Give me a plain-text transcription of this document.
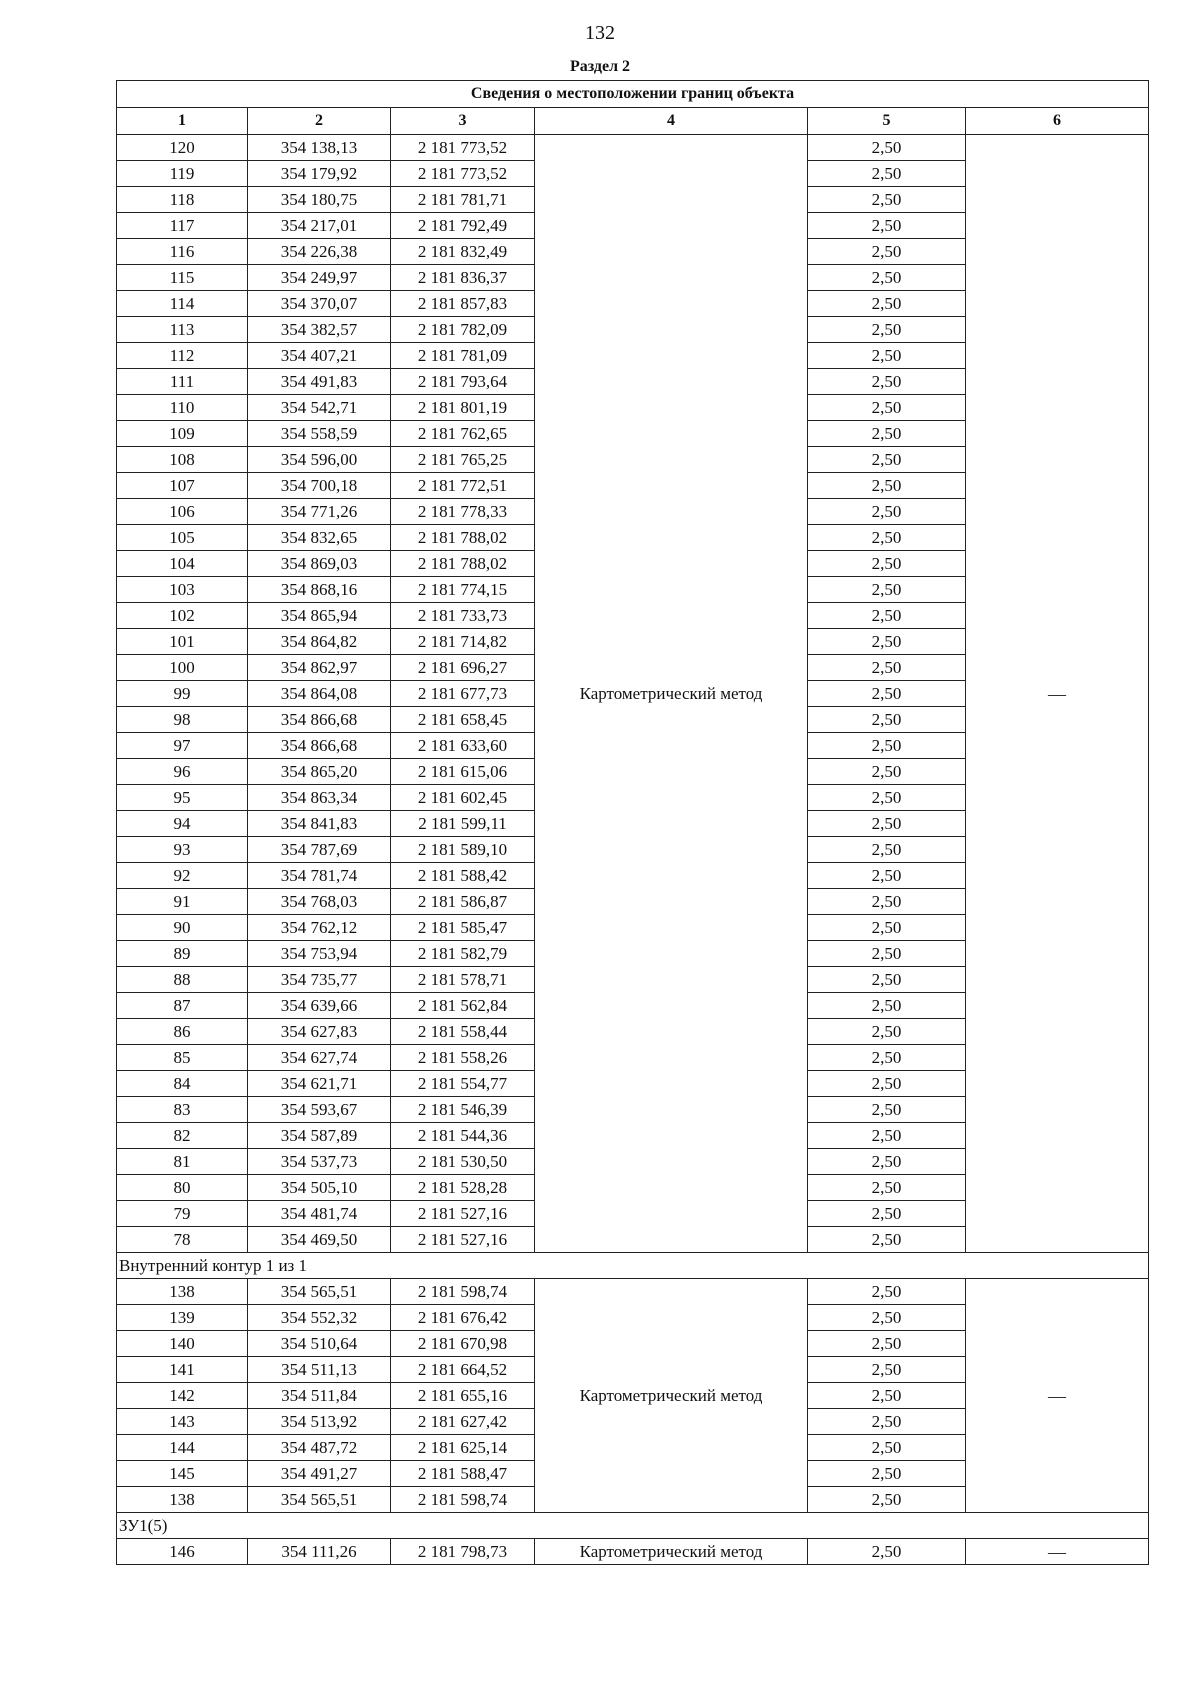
132
Раздел 2
Сведения о местоположении границ объекта					
1	2	3	4	5	6
120	354 138,13	2 181 773,52	Картометрический метод	2,50	—
119	354 179,92	2 181 773,52		2,50	
118	354 180,75	2 181 781,71		2,50	
117	354 217,01	2 181 792,49		2,50	
116	354 226,38	2 181 832,49		2,50	
115	354 249,97	2 181 836,37		2,50	
114	354 370,07	2 181 857,83		2,50	
113	354 382,57	2 181 782,09		2,50	
112	354 407,21	2 181 781,09		2,50	
111	354 491,83	2 181 793,64		2,50	
110	354 542,71	2 181 801,19		2,50	
109	354 558,59	2 181 762,65		2,50	
108	354 596,00	2 181 765,25		2,50	
107	354 700,18	2 181 772,51		2,50	
106	354 771,26	2 181 778,33		2,50	
105	354 832,65	2 181 788,02		2,50	
104	354 869,03	2 181 788,02		2,50	
103	354 868,16	2 181 774,15		2,50	
102	354 865,94	2 181 733,73		2,50	
101	354 864,82	2 181 714,82		2,50	
100	354 862,97	2 181 696,27		2,50	
99	354 864,08	2 181 677,73		2,50	
98	354 866,68	2 181 658,45		2,50	
97	354 866,68	2 181 633,60		2,50	
96	354 865,20	2 181 615,06		2,50	
95	354 863,34	2 181 602,45		2,50	
94	354 841,83	2 181 599,11		2,50	
93	354 787,69	2 181 589,10		2,50	
92	354 781,74	2 181 588,42		2,50	
91	354 768,03	2 181 586,87		2,50	
90	354 762,12	2 181 585,47		2,50	
89	354 753,94	2 181 582,79		2,50	
88	354 735,77	2 181 578,71		2,50	
87	354 639,66	2 181 562,84		2,50	
86	354 627,83	2 181 558,44		2,50	
85	354 627,74	2 181 558,26		2,50	
84	354 621,71	2 181 554,77		2,50	
83	354 593,67	2 181 546,39		2,50	
82	354 587,89	2 181 544,36		2,50	
81	354 537,73	2 181 530,50		2,50	
80	354 505,10	2 181 528,28		2,50	
79	354 481,74	2 181 527,16		2,50	
78	354 469,50	2 181 527,16		2,50	
Внутренний контур 1 из 1					
138	354 565,51	2 181 598,74	Картометрический метод	2,50	—
139	354 552,32	2 181 676,42		2,50	
140	354 510,64	2 181 670,98		2,50	
141	354 511,13	2 181 664,52		2,50	
142	354 511,84	2 181 655,16		2,50	
143	354 513,92	2 181 627,42		2,50	
144	354 487,72	2 181 625,14		2,50	
145	354 491,27	2 181 588,47		2,50	
138	354 565,51	2 181 598,74		2,50	
ЗУ1(5)					
146	354 111,26	2 181 798,73	Картометрический метод	2,50	—
